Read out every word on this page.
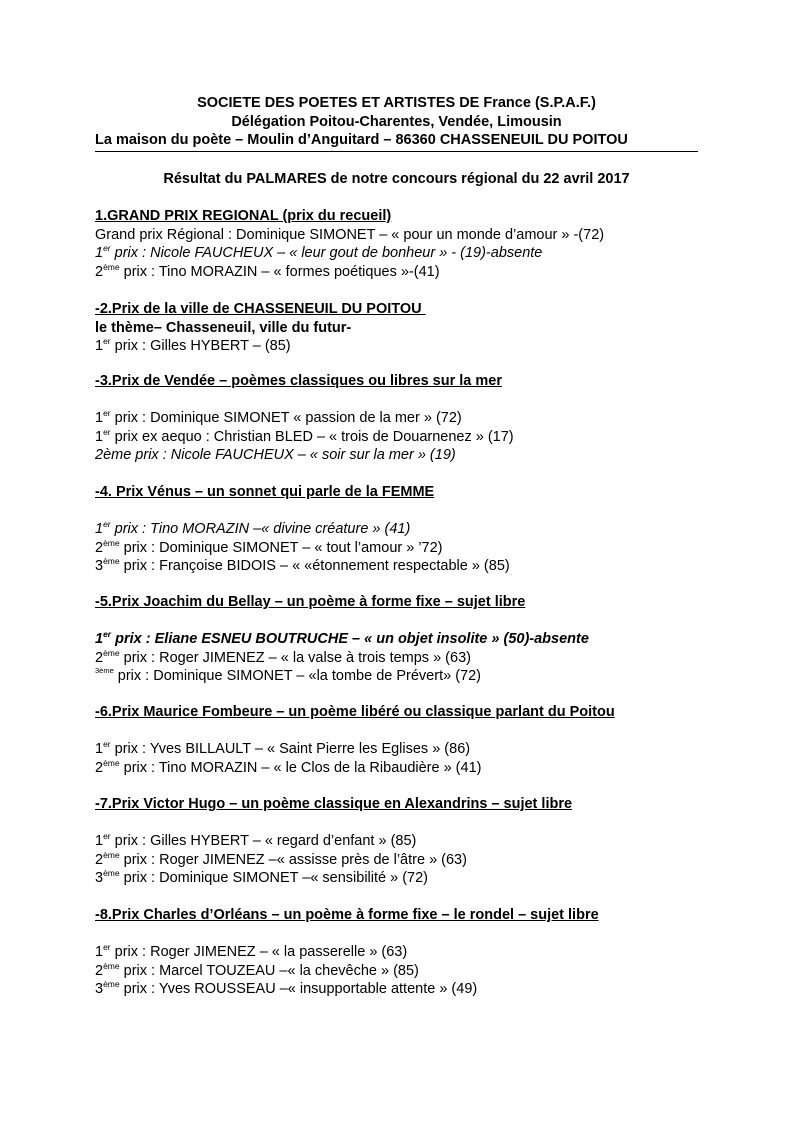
SOCIETE DES POETES ET ARTISTES DE France (S.P.A.F.)
Délégation Poitou-Charentes, Vendée, Limousin
La maison du poète – Moulin d’Anguitard – 86360 CHASSENEUIL DU POITOU
Résultat du PALMARES de notre concours régional du 22 avril 2017
1.GRAND PRIX REGIONAL (prix du recueil)
Grand prix Régional : Dominique SIMONET – « pour un monde d’amour » -(72)
1er prix : Nicole FAUCHEUX – « leur gout de bonheur » - (19)-absente
2ème prix : Tino MORAZIN – « formes poétiques »-(41)
-2.Prix de la ville de CHASSENEUIL DU POITOU
le thème– Chasseneuil, ville du futur-
1er prix : Gilles HYBERT – (85)
-3.Prix de Vendée – poèmes classiques ou libres sur la mer
1er prix : Dominique SIMONET « passion de la mer » (72)
1er prix ex aequo : Christian BLED – « trois de Douarnenez » (17)
2ème prix : Nicole FAUCHEUX – « soir sur la mer » (19)
-4. Prix Vénus – un sonnet qui parle de la FEMME
1er prix : Tino MORAZIN –« divine créature » (41)
2ème prix : Dominique SIMONET – « tout l’amour » ’72)
3ème prix : Françoise BIDOIS – « «étonnement respectable » (85)
-5.Prix Joachim du Bellay – un poème à forme fixe – sujet libre
1er prix : Eliane ESNEU BOUTRUCHE – « un objet insolite » (50)-absente
2ème prix : Roger JIMENEZ – « la valse à trois temps » (63)
$^{3ème}$ prix : Dominique SIMONET – «la tombe de Prévert» (72)
-6.Prix Maurice Fombeure – un poème libéré ou classique parlant du Poitou
1er prix : Yves BILLAULT – « Saint Pierre les Eglises » (86)
2ème prix : Tino MORAZIN – « le Clos de la Ribaudière » (41)
-7.Prix Victor Hugo – un poème classique en Alexandrins – sujet libre
1er prix : Gilles HYBERT – « regard d’enfant » (85)
2ème prix : Roger JIMENEZ –« assisse près de l’âtre » (63)
3ème prix : Dominique SIMONET –« sensibilité » (72)
-8.Prix Charles d’Orléans – un poème à forme fixe – le rondel – sujet libre
1er prix : Roger JIMENEZ – « la passerelle » (63)
2ème prix : Marcel TOUZEAU –« la chevêche » (85)
3ème prix : Yves ROUSSEAU –« insupportable attente » (49)
